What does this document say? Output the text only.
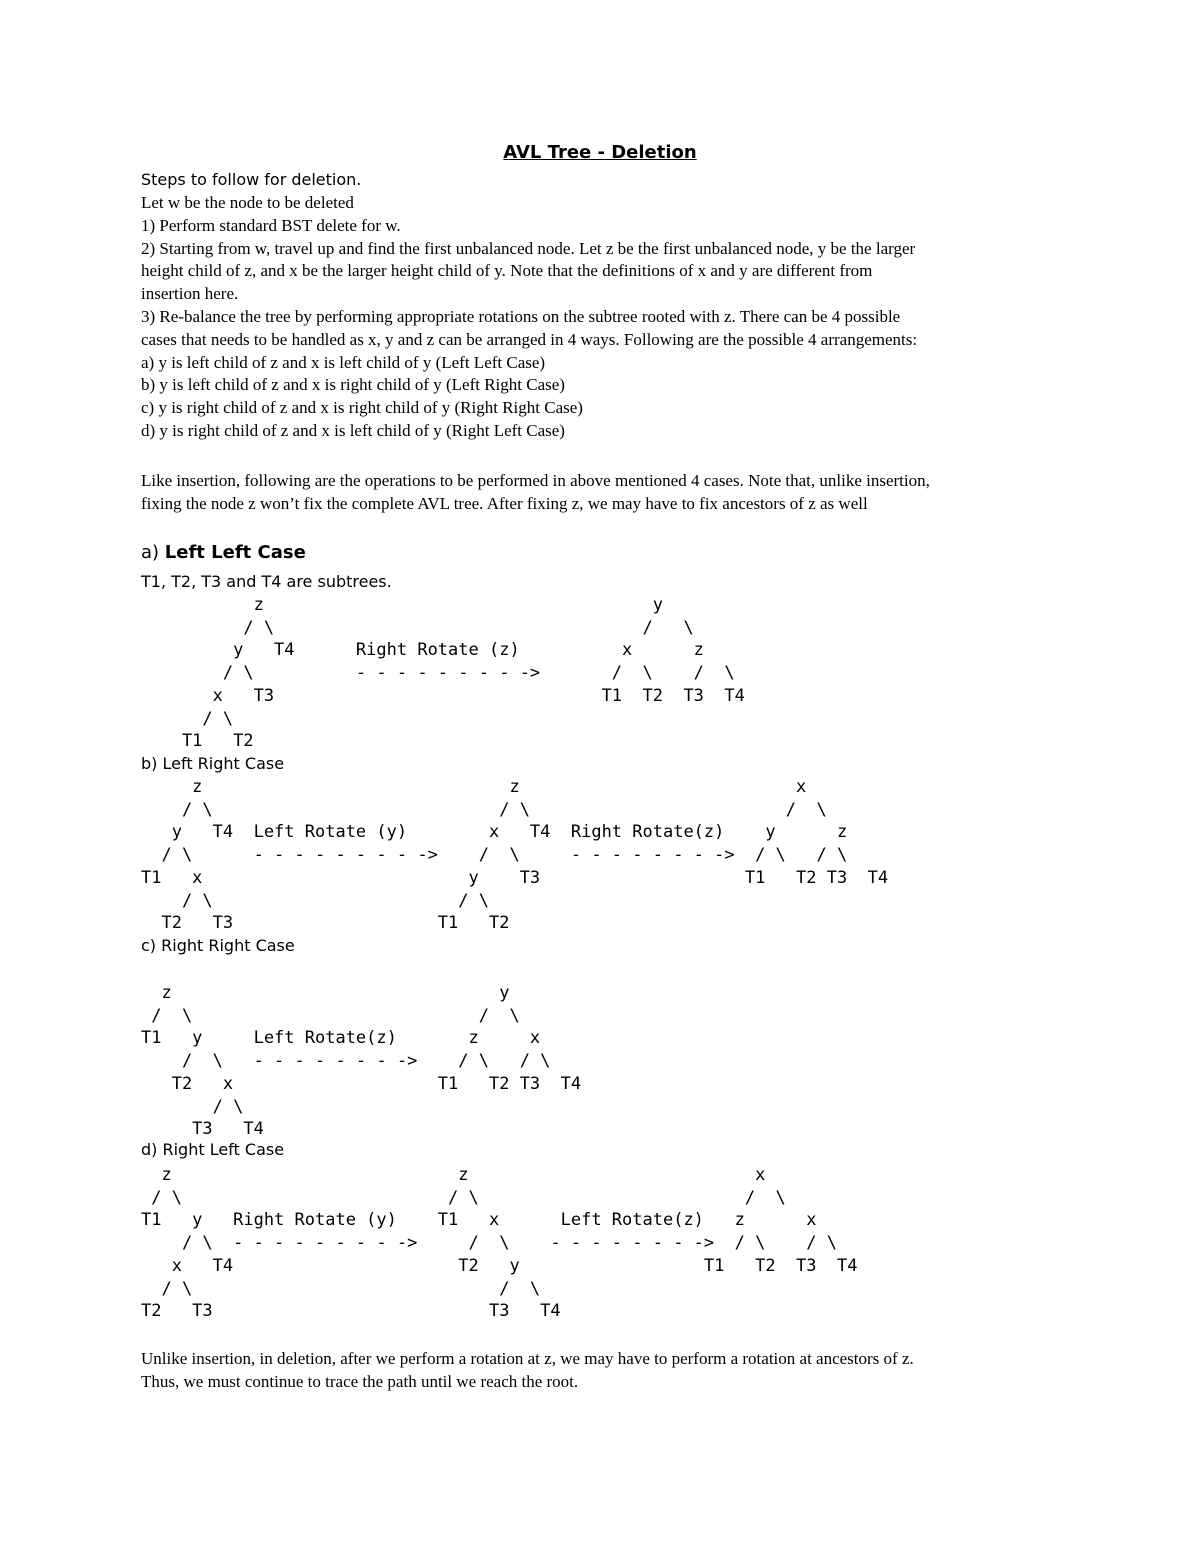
AVL Tree - Deletion
Steps to follow for deletion.

Let w be the node to be deleted

1) Perform standard BST delete for w.

2) Starting from w, travel up and find the first unbalanced node. Let z be the first unbalanced node, y be the larger

height child of z, and x be the larger height child of y. Note that the definitions of x and y are different from

insertion here.

3) Re-balance the tree by performing appropriate rotations on the subtree rooted with z. There can be 4 possible

cases that needs to be handled as x, y and z can be arranged in 4 ways. Following are the possible 4 arrangements:

a) y is left child of z and x is left child of y (Left Left Case)

b) y is left child of z and x is right child of y (Left Right Case)

c) y is right child of z and x is right child of y (Right Right Case)

d) y is right child of z and x is left child of y (Right Left Case)

Like insertion, following are the operations to be performed in above mentioned 4 cases. Note that, unlike insertion,

fixing the node z won’t fix the complete AVL tree. After fixing z, we may have to fix ancestors of z as well

a) Left Left Case
T1, T2, T3 and T4 are subtrees.
z                                      y
/ \                                    /   \
y   T4      Right Rotate (z)          x      z
/ \          - - - - - - - - ->       /  \    /  \
x   T3                                T1  T2  T3  T4
/ \
T1   T2
b) Left Right Case
z                              z                           x
/ \                            / \                         /  \
y   T4  Left Rotate (y)        x   T4  Right Rotate(z)    y      z
/ \      - - - - - - - - ->    /  \     - - - - - - - ->  / \   / \
T1   x                          y    T3                    T1   T2 T3  T4
/ \                        / \
T2   T3                    T1   T2
c) Right Right Case
z                                y
/  \                            /  \
T1   y     Left Rotate(z)       z     x
/  \   - - - - - - - ->    / \   / \
T2   x                    T1   T2 T3  T4
/ \
T3   T4
d) Right Left Case
z                            z                            x
/ \                          / \                          /  \
T1   y   Right Rotate (y)    T1   x      Left Rotate(z)   z      x
/ \  - - - - - - - - ->     /  \    - - - - - - - ->  / \    / \
x   T4                      T2   y                  T1   T2  T3  T4
/ \                              /  \
T2   T3                           T3   T4

Unlike insertion, in deletion, after we perform a rotation at z, we may have to perform a rotation at ancestors of z.

Thus, we must continue to trace the path until we reach the root.
